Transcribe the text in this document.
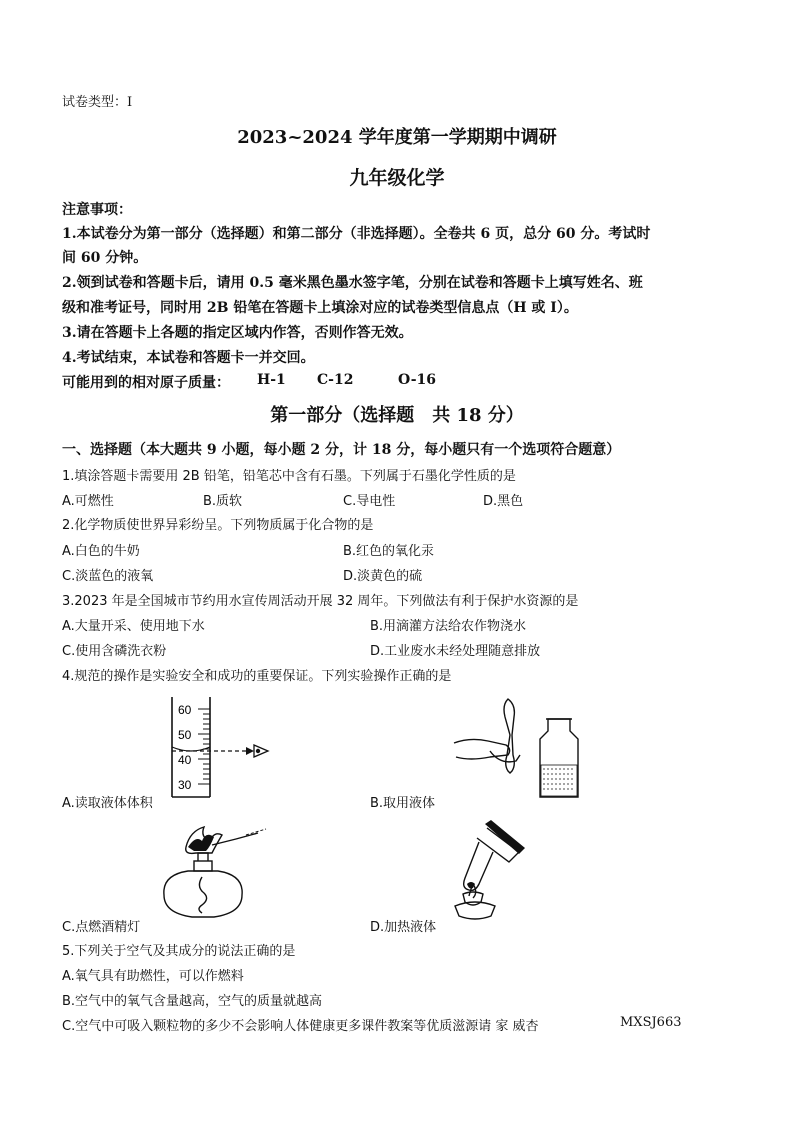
试卷类型：I
2023~2024 学年度第一学期期中调研
九年级化学
注意事项：
1.本试卷分为第一部分（选择题）和第二部分（非选择题）。全卷共 6 页，总分 60 分。考试时
间 60 分钟。
2.领到试卷和答题卡后，请用 0.5 毫米黑色墨水签字笔，分别在试卷和答题卡上填写姓名、班
级和准考证号，同时用 2B 铅笔在答题卡上填涂对应的试卷类型信息点（H 或 I）。
3.请在答题卡上各题的指定区域内作答，否则作答无效。
4.考试结束，本试卷和答题卡一并交回。
可能用到的相对原子质量： H-1 C-12	O-16
第一部分（选择题　共 18 分）
一、选择题（本大题共 9 小题，每小题 2 分，计 18 分，每小题只有一个选项符合题意）
1.填涂答题卡需要用 2B 铅笔，铅笔芯中含有石墨。下列属于石墨化学性质的是
A.可燃性	B.质软	C.导电性	D.黑色
2.化学物质使世界异彩纷呈。下列物质属于化合物的是
A.白色的牛奶	B.红色的氧化汞
C.淡蓝色的液氧	D.淡黄色的硫
3.2023 年是全国城市节约用水宣传周活动开展 32 周年。下列做法有利于保护水资源的是
A.大量开采、使用地下水	B.用滴灌方法给农作物浇水
C.使用含磷洗衣粉	D.工业废水未经处理随意排放
4.规范的操作是实验安全和成功的重要保证。下列实验操作正确的是
60
50
40
30
A.读取液体体积	B.取用液体
C.点燃酒精灯	D.加热液体
5.下列关于空气及其成分的说法正确的是
A.氧气具有助燃性，可以作燃料
B.空气中的氧气含量越高，空气的质量就越高
C.空气中可吸入颗粒物的多少不会影响人体健康更多课件教案等优质滋源请 家 威杏	MXSJ663
